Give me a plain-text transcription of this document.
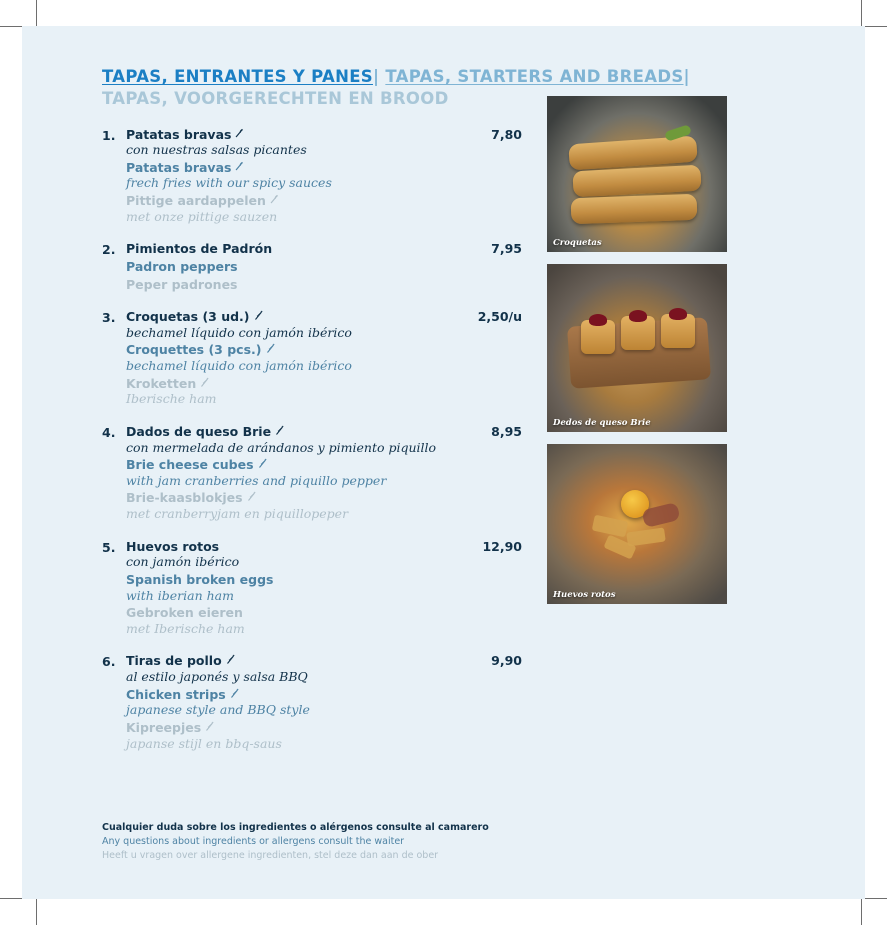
TAPAS, ENTRANTES Y PANES| TAPAS, STARTERS AND BREADS| TAPAS, VOORGERECHTEN EN BROOD
7,80
1. Patatas bravas
con nuestras salsas picantes
Patatas bravas
frech fries with our spicy sauces
Pittige aardappelen
met onze pittige sauzen
7,95
2. Pimientos de Padrón
Padron peppers
Peper padrones
2,50/u
3. Croquetas (3 ud.)
bechamel líquido con jamón ibérico
Croquettes (3 pcs.)
bechamel líquido con jamón ibérico
Kroketten
Iberische ham
8,95
4. Dados de queso Brie
con mermelada de arándanos y pimiento piquillo
Brie cheese cubes
with jam cranberries and piquillo pepper
Brie-kaasblokjes
met cranberryjam en piquillopeper
12,90
5. Huevos rotos
con jamón ibérico
Spanish broken eggs
with iberian ham
Gebroken eieren
met Iberische ham
9,90
6. Tiras de pollo
al estilo japonés y salsa BBQ
Chicken strips
japanese style and BBQ style
Kipreepjes
japanse stijl en bbq-saus
Croquetas
Dedos de queso Brie
Huevos rotos
Cualquier duda sobre los ingredientes o alérgenos consulte al camarero
Any questions about ingredients or allergens consult the waiter
Heeft u vragen over allergene ingredienten, stel deze dan aan de ober
